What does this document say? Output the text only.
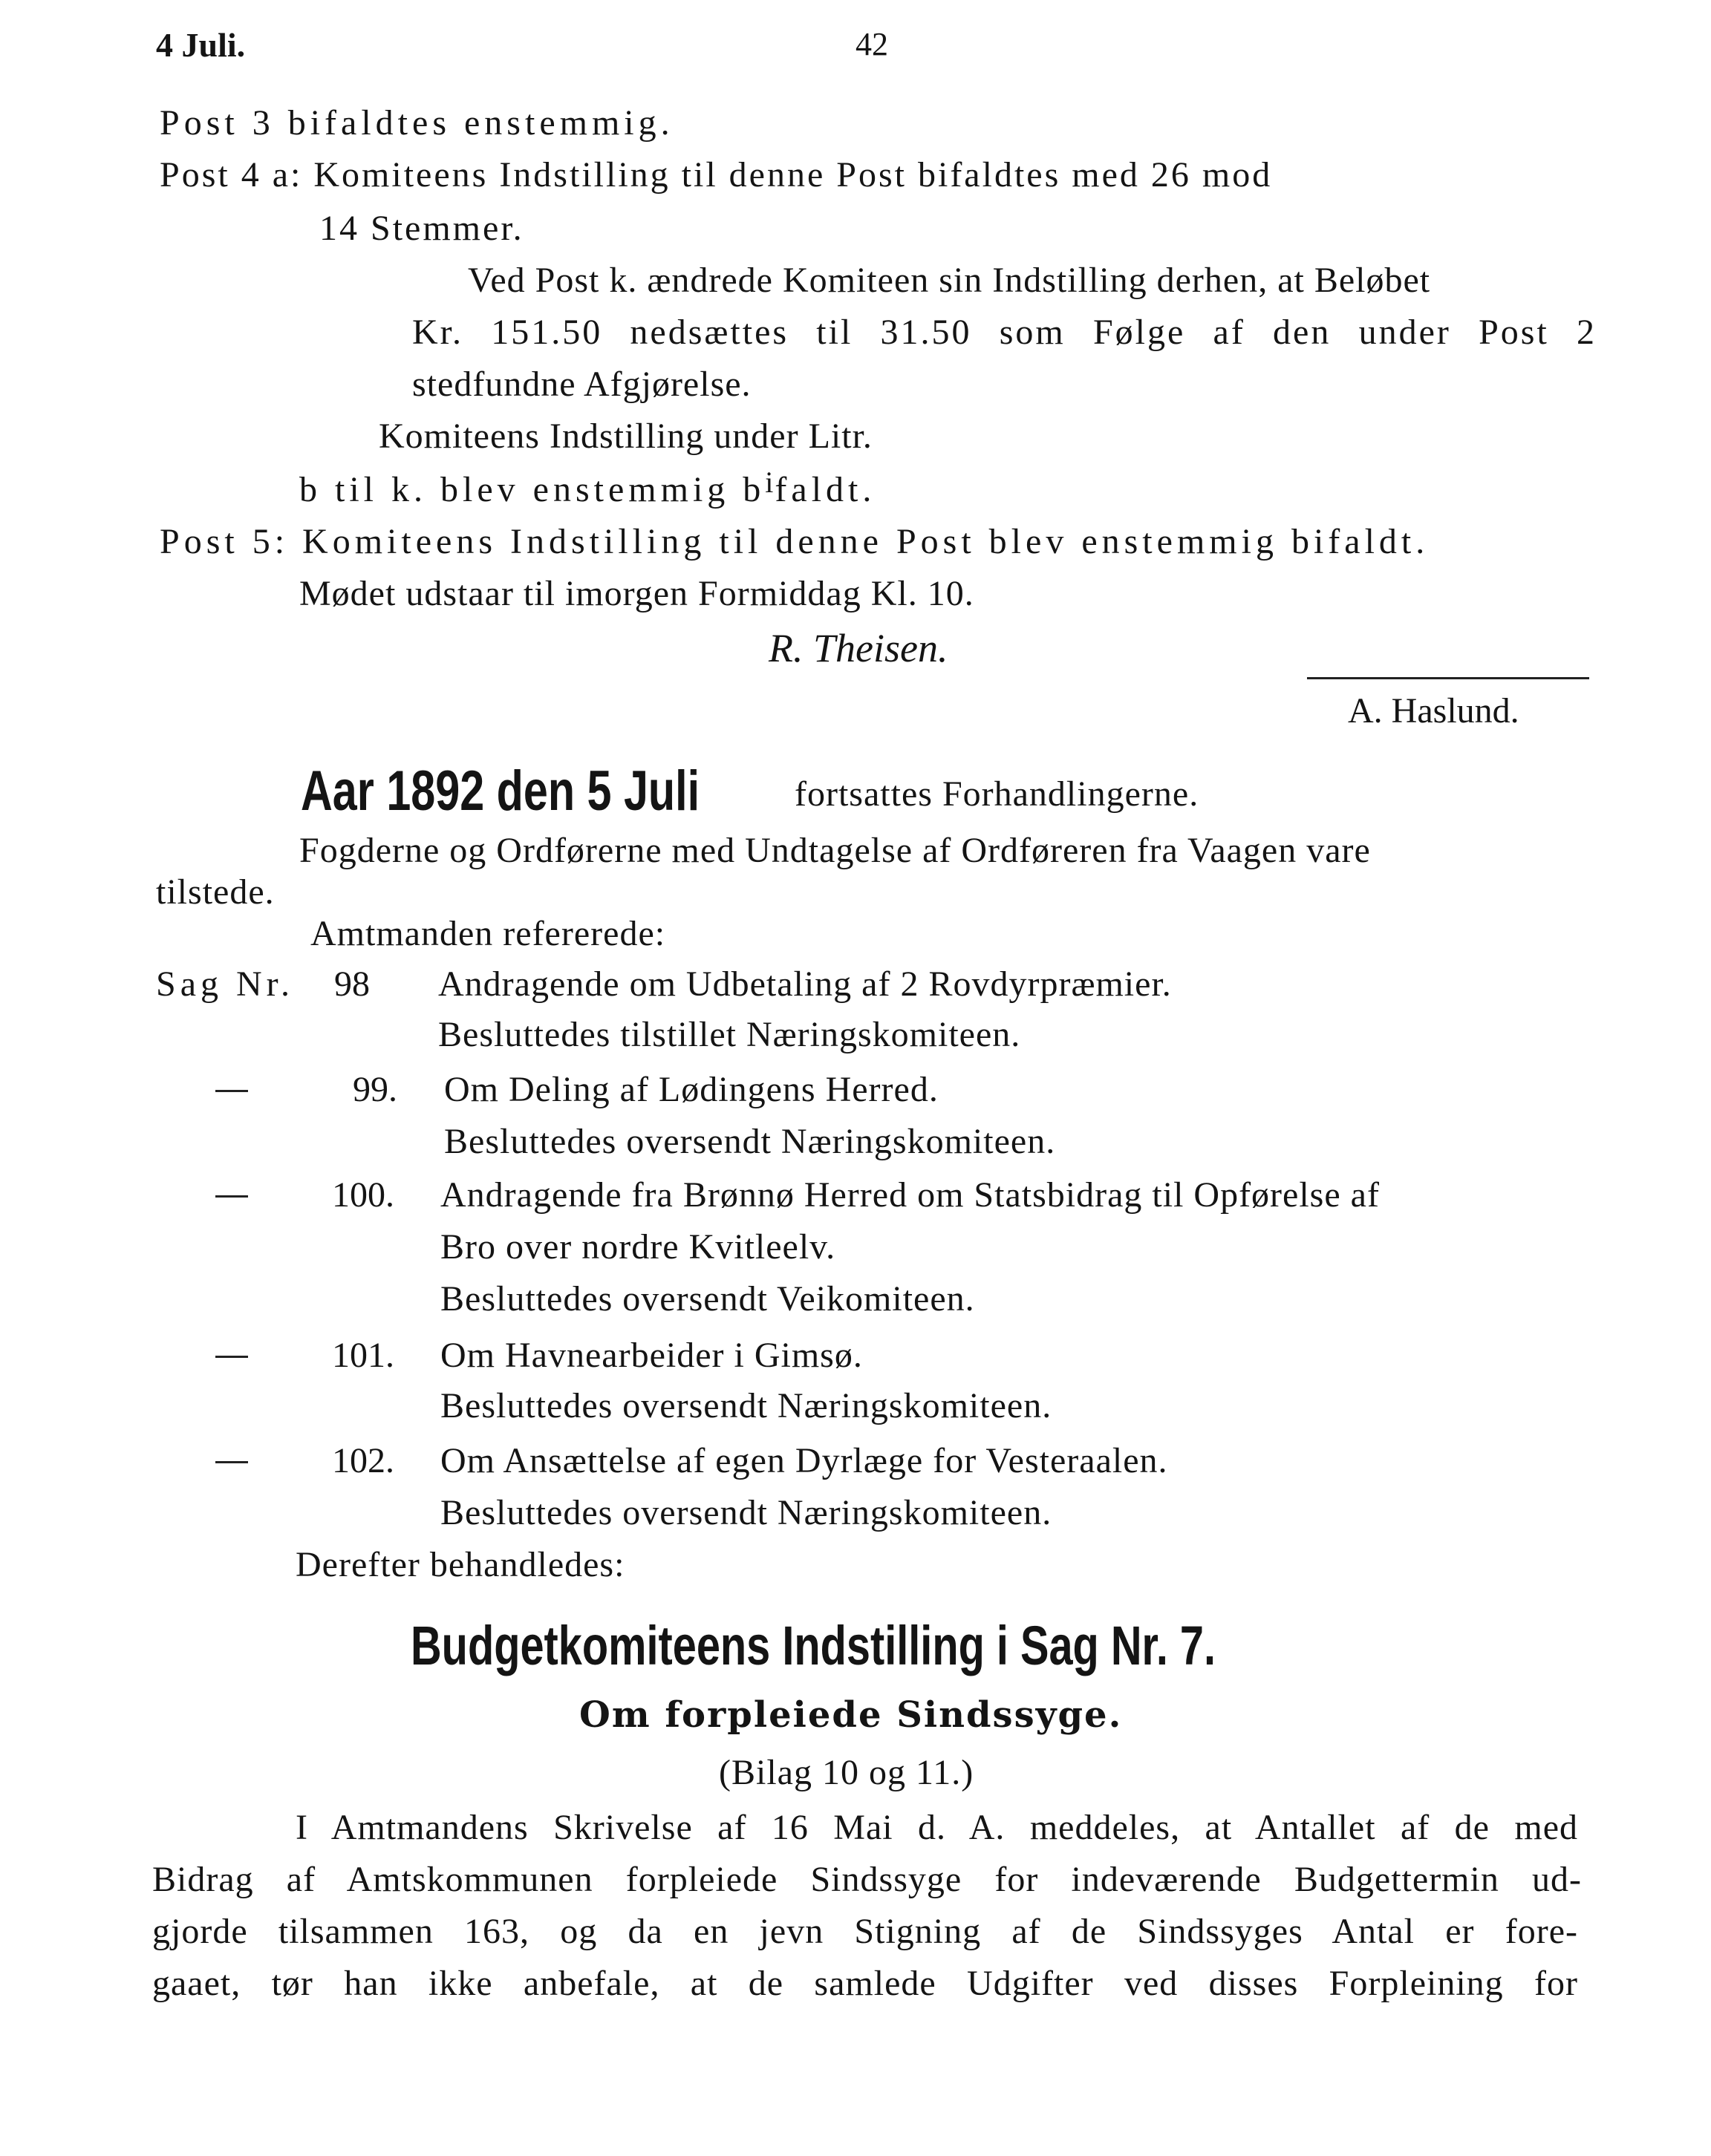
4 Juli.	42
Post 3 bifaldtes enstemmig.
Post 4 a: Komiteens Indstilling til denne Post bifaldtes med 26 mod
14 Stemmer.
Ved Post k. ændrede Komiteen sin Indstilling derhen, at Beløbet
Kr. 151.50 nedsættes til 31.50 som Følge af den under Post 2
stedfundne Afgjørelse.
Komiteens Indstilling under Litr.
b til k. blev enstemmig $b^ifaldt$.
Post 5: Komiteens Indstilling til denne Post blev enstemmig bifaldt.
Mødet udstaar til imorgen Formiddag Kl. 10.
R. Theisen.
A. Haslund.
Aar 1892 den 5 Juli	fortsattes Forhandlingerne.
Fogderne og Ordførerne med Undtagelse af Ordføreren fra Vaagen vare
tilstede.
Amtmanden refererede:
Sag Nr. 98 Andragende om Udbetaling af 2 Rovdyrpræmier.
Besluttedes tilstillet Næringskomiteen.
99. Om Deling af Lødingens Herred.
Besluttedes oversendt Næringskomiteen.
100. Andragende fra Brønnø Herred om Statsbidrag til Opførelse af
Bro over nordre Kvitleelv.
Besluttedes oversendt Veikomiteen.
101. Om Havnearbeider i Gimsø.
Besluttedes oversendt Næringskomiteen.
102. Om Ansættelse af egen Dyrlæge for Vesteraalen.
Besluttedes oversendt Næringskomiteen.
Derefter behandledes:
Budgetkomiteens Indstilling i Sag Nr. 7.
Om forpleiede Sindssyge.
(Bilag 10 og 11.)
I Amtmandens Skrivelse af 16 Mai d. A. meddeles, at Antallet af de med
Bidrag af Amtskommunen forpleiede Sindssyge for indeværende Budgettermin ud-
gjorde tilsammen 163, og da en jevn Stigning af de Sindssyges Antal er fore-
gaaet, tør han ikke anbefale, at de samlede Udgifter ved disses Forpleining for
